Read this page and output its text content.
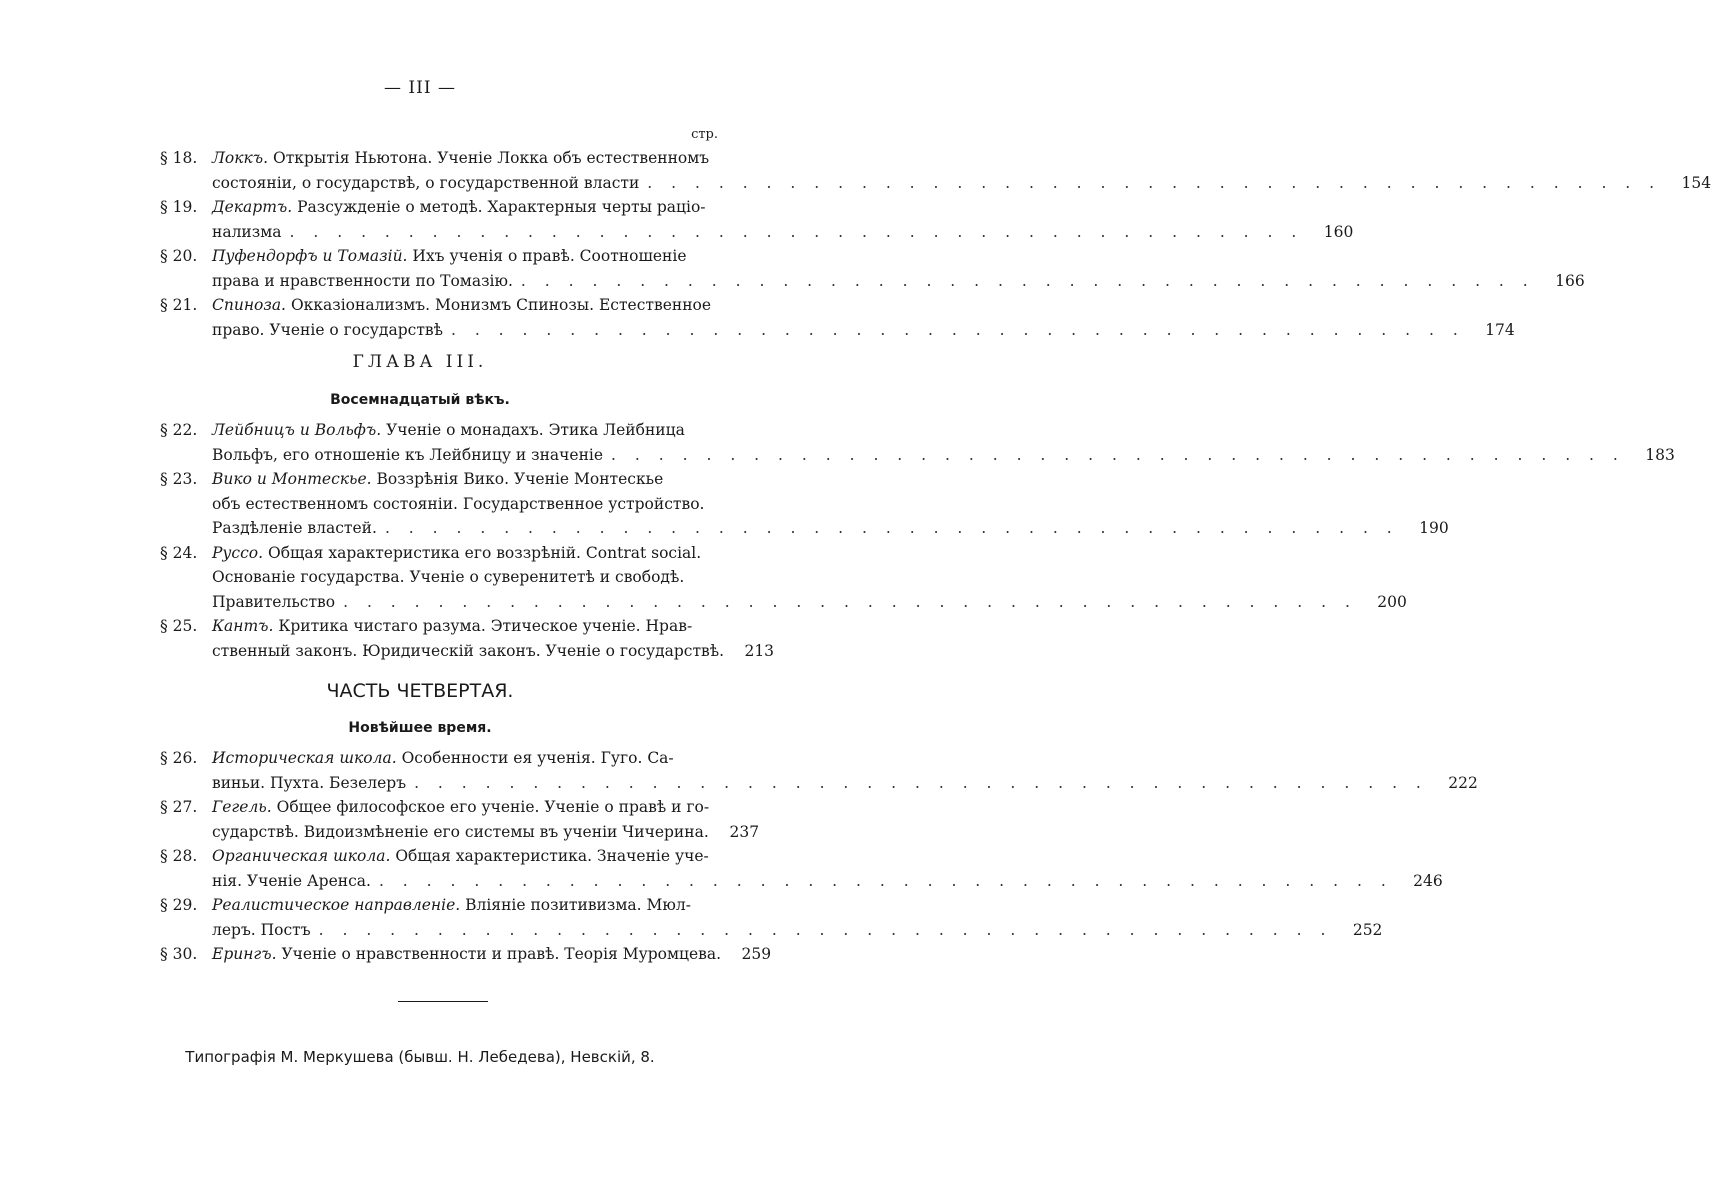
— III —
стр.
§ 18. Локкъ. Открытія Ньютона. Ученіе Локка объ естественномъ
состояніи, о государствѣ, о государственной власти . . .	154
§ 19. Декартъ. Разсужденіе о методѣ. Характерныя черты раціо-
нализма . . .	160
§ 20. Пуфендорфъ и Томазій. Ихъ ученія о правѣ. Соотношеніе
права и нравственности по Томазію. . . .	166
§ 21. Спиноза. Окказіонализмъ. Монизмъ Спинозы. Естественное
право. Ученіе о государствѣ . . .	174
ГЛАВА III.
Восемнадцатый вѣкъ.
§ 22. Лейбницъ и Вольфъ. Ученіе о монадахъ. Этика Лейбница
Вольфъ, его отношеніе къ Лейбницу и значеніе . . .	183
§ 23. Вико и Монтескье. Воззрѣнія Вико. Ученіе Монтескье
объ естественномъ состояніи. Государственное устройство.
Раздѣленіе властей. . . .	190
§ 24. Руссо. Общая характеристика его воззрѣній. Contrat social.
Основаніе государства. Ученіе о суверенитетѣ и свободѣ.
Правительство . . .	200
§ 25. Кантъ. Критика чистаго разума. Этическое ученіе. Нрав-
ственный законъ. Юридическій законъ. Ученіе о государствѣ.	213
ЧАСТЬ ЧЕТВЕРТАЯ.
Новѣйшее время.
§ 26. Историческая школа. Особенности ея ученія. Гуго. Са-
виньи. Пухта. Безелеръ . . .	222
§ 27. Гегель. Общее философское его ученіе. Ученіе о правѣ и го-
сударствѣ. Видоизмѣненіе его системы въ ученіи Чичерина.	237
§ 28. Органическая школа. Общая характеристика. Значеніе уче-
нія. Ученіе Аренса. . . .	246
§ 29. Реалистическое направленіе. Вліяніе позитивизма. Мюл-
леръ. Постъ . . .	252
§ 30. Ерингъ. Ученіе о нравственности и правѣ. Теорія Муромцева.	259
Типографія М. Меркушева (бывш. Н. Лебедева), Невскій, 8.
